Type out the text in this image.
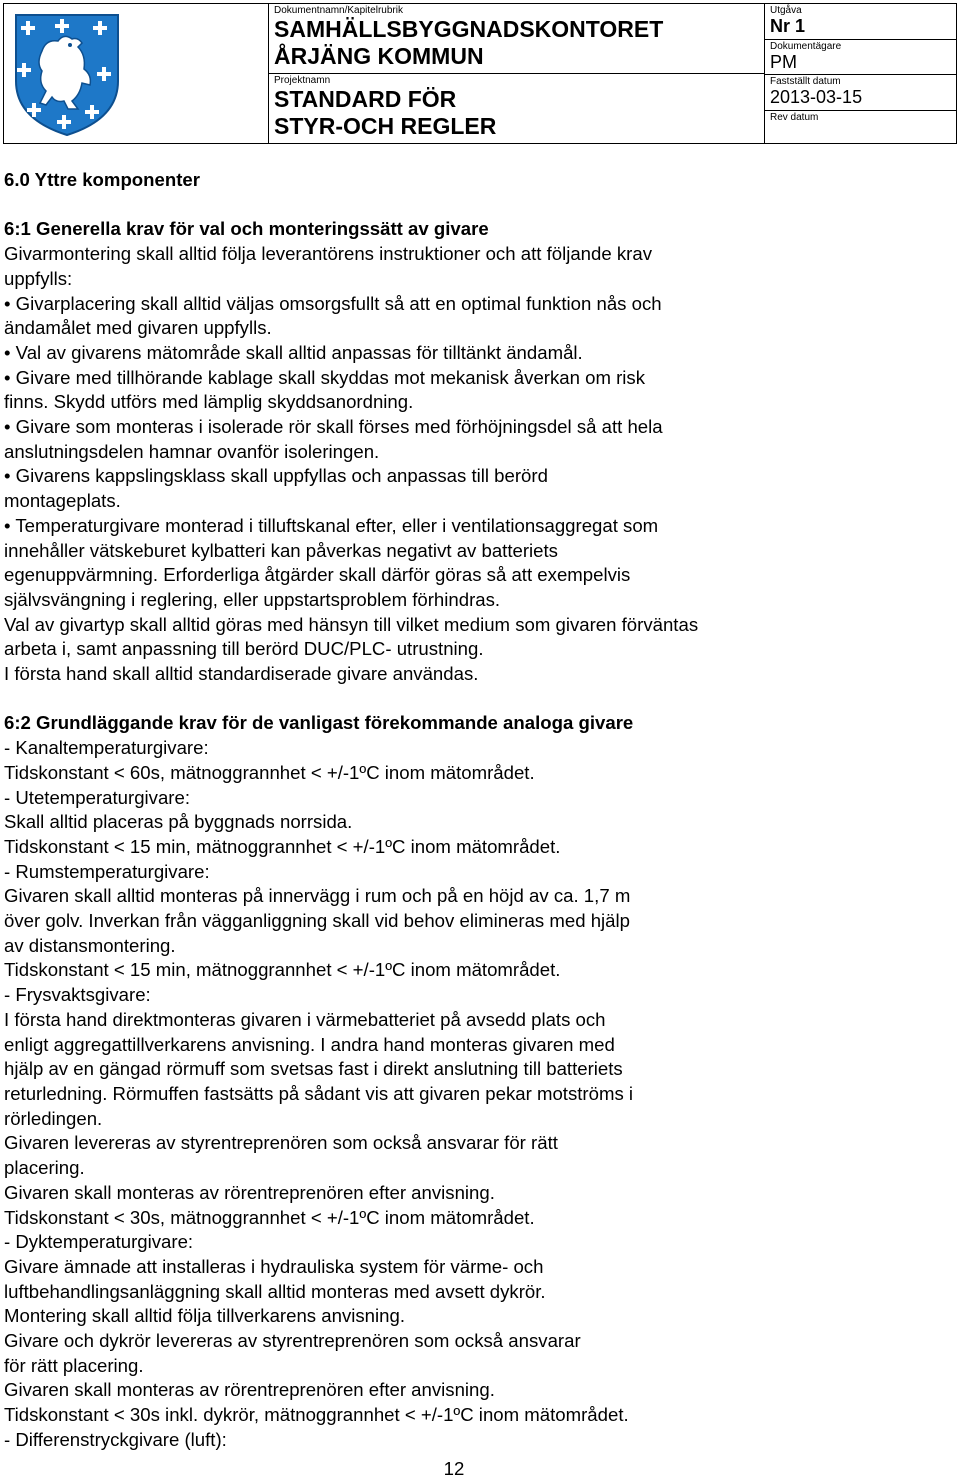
Dokumentnamn/Kapitelrubrik
SAMHÄLLSBYGGNADSKONTORET
ÅRJÄNG KOMMUN
Projektnamn
STANDARD FÖR
STYR-OCH REGLER
Utgåva
Nr 1
Dokumentägare
PM
Fastställt datum
2013-03-15
Rev datum
6.0 Yttre komponenter
6:1 Generella krav för val och monteringssätt av givare
Givarmontering skall alltid följa leverantörens instruktioner och att följande krav
uppfylls:
• Givarplacering skall alltid väljas omsorgsfullt så att en optimal funktion nås och
ändamålet med givaren uppfylls.
• Val av givarens mätområde skall alltid anpassas för tilltänkt ändamål.
• Givare med tillhörande kablage skall skyddas mot mekanisk åverkan om risk
finns. Skydd utförs med lämplig skyddsanordning.
• Givare som monteras i isolerade rör skall förses med förhöjningsdel så att hela
anslutningsdelen hamnar ovanför isoleringen.
• Givarens kappslingsklass skall uppfyllas och anpassas till berörd
montageplats.
• Temperaturgivare monterad i tilluftskanal efter, eller i ventilationsaggregat som
innehåller vätskeburet kylbatteri kan påverkas negativt av batteriets
egenuppvärmning. Erforderliga åtgärder skall därför göras så att exempelvis
självsvängning i reglering, eller uppstartsproblem förhindras.
Val av givartyp skall alltid göras med hänsyn till vilket medium som givaren förväntas
arbeta i, samt anpassning till berörd DUC/PLC- utrustning.
I första hand skall alltid standardiserade givare användas.
6:2 Grundläggande krav för de vanligast förekommande analoga givare
- Kanaltemperaturgivare:
Tidskonstant < 60s, mätnoggrannhet < +/-1ºC inom mätområdet.
- Utetemperaturgivare:
Skall alltid placeras på byggnads norrsida.
Tidskonstant < 15 min, mätnoggrannhet < +/-1ºC inom mätområdet.
- Rumstemperaturgivare:
Givaren skall alltid monteras på innervägg i rum och på en höjd av ca. 1,7 m
över golv. Inverkan från vägganliggning skall vid behov elimineras med hjälp
av distansmontering.
Tidskonstant < 15 min, mätnoggrannhet < +/-1ºC inom mätområdet.
- Frysvaktsgivare:
I första hand direktmonteras givaren i värmebatteriet på avsedd plats och
enligt aggregattillverkarens anvisning. I andra hand monteras givaren med
hjälp av en gängad rörmuff som svetsas fast i direkt anslutning till batteriets
returledning. Rörmuffen fastsätts på sådant vis att givaren pekar motströms i
rörledingen.
Givaren levereras av styrentreprenören som också ansvarar för rätt
placering.
Givaren skall monteras av rörentreprenören efter anvisning.
Tidskonstant < 30s, mätnoggrannhet < +/-1ºC inom mätområdet.
- Dyktemperaturgivare:
Givare ämnade att installeras i hydrauliska system för värme- och
luftbehandlingsanläggning skall alltid monteras med avsett dykrör.
Montering skall alltid följa tillverkarens anvisning.
Givare och dykrör levereras av styrentreprenören som också ansvarar
för rätt placering.
Givaren skall monteras av rörentreprenören efter anvisning.
Tidskonstant < 30s inkl. dykrör, mätnoggrannhet < +/-1ºC inom mätområdet.
- Differenstryckgivare (luft):
12
